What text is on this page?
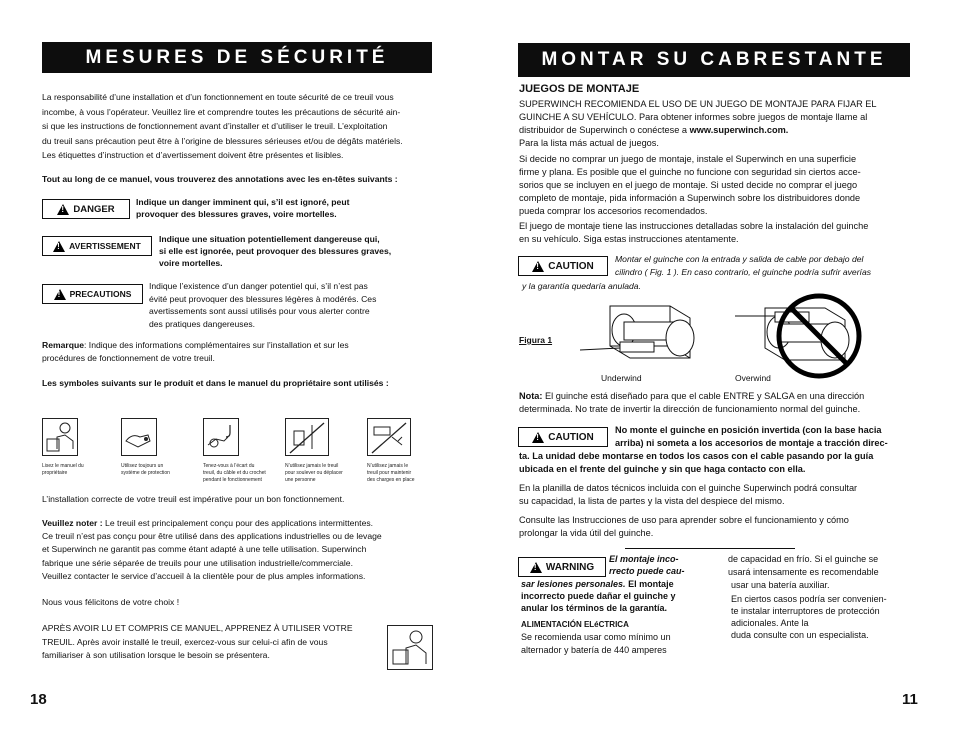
MESURES DE SÉCURITÉ
La responsabilité d’une installation et d’un fonctionnement en toute sécurité de ce treuil vous
incombe, à vous l’opérateur. Veuillez lire et comprendre toutes les précautions de sécurité ain-
si que les instructions de fonctionnement avant d’installer et d’utiliser le treuil. L’exploitation
du treuil sans précaution peut être à l’origine de blessures sérieuses et/ou de dégâts matériels.
Les étiquettes d’instruction et d’avertissement doivent être présentes et lisibles.
Tout au long de ce manuel, vous trouverez des annotations avec les en-têtes suivants :
!
DANGER
Indique un danger imminent qui, s’il est ignoré, peut
provoquer des blessures graves, voire mortelles.
!
AVERTISSEMENT
Indique une situation potentiellement dangereuse qui,
si elle est ignorée, peut provoquer des blessures graves,
voire mortelles.
!
PRECAUTIONS
Indique l’existence d’un danger potentiel qui, s’il n’est pas
évité peut provoquer des blessures légères à modérés. Ces
avertissements sont aussi utilisés pour vous alerter contre
des pratiques dangereuses.
Remarque: Indique des informations complémentaires sur l’installation et sur les
procédures de fonctionnement de votre treuil.
Les symboles suivants sur le produit et dans le manuel du propriétaire sont utilisés :
Lisez le manuel du
propriétaire
Utilisez toujours un
système de protection
Tenez-vous à l’écart du
treuil, du câble et du crochet
pendant le fonctionnement
N’utilisez jamais le treuil
pour soulever ou déplacer
une personne
N’utilisez jamais le
treuil pour maintenir
des charges en place
L’installation correcte de votre treuil est impérative pour un bon fonctionnement.
Veuillez noter : Le treuil est principalement conçu pour des applications intermittentes.
Ce treuil n’est pas conçu pour être utilisé dans des applications industrielles ou de levage
et Superwinch ne garantit pas comme étant adapté à une telle utilisation. Superwinch
fabrique une série séparée de treuils pour une utilisation industrielle/commerciale.
Veuillez contacter le service d’accueil à la clientèle pour de plus amples informations.
Nous vous félicitons de votre choix !
APRÈS AVOIR LU ET COMPRIS CE MANUEL, APPRENEZ À UTILISER VOTRE
TREUIL. Après avoir installé le treuil, exercez-vous sur celui-ci afin de vous
familiariser à son utilisation lorsque le besoin se présentera.
18
MONTAR SU CABRESTANTE
JUEGOS DE MONTAJE
SUPERWINCH RECOMIENDA EL USO DE UN JUEGO DE MONTAJE PARA FIJAR EL
GUINCHE A SU VEHÍCULO. Para obtener informes sobre juegos de montaje llame al
distribuidor de Superwinch o conéctese a www.superwinch.com.
Para la lista más actual de juegos.
Si decide no comprar un juego de montaje, instale el Superwinch en una superficie
firme y plana. Es posible que el guinche no funcione con seguridad sin ciertos acce-
sorios que se incluyen en el juego de montaje. Si usted decide no comprar el juego
completo de montaje, pida información a Superwinch sobre los distribuidores donde
pueda comprar los accesorios recomendados.
El juego de montaje tiene las instrucciones detalladas sobre la instalación del guinche
en su vehículo. Siga estas instrucciones atentamente.
!
CAUTION
Montar el guinche con la entrada y salida de cable por debajo del
cilindro ( Fig. 1 ). En caso contrario, el guinche podría sufrir averías
y la garantía quedaría anulada.
Figura 1
Underwind	Overwind
Nota: El guinche está diseñado para que el cable ENTRE y SALGA en una dirección
determinada. No trate de invertir la dirección de funcionamiento normal del guinche.
!
CAUTION
No monte el guinche en posición invertida (con la base hacia
arriba) ni someta a los accesorios de montaje a tracción direc-
ta. La unidad debe montarse en todos los casos con el cable pasando por la guía
ubicada en el frente del guinche y sin que haga contacto con ella.
En la planilla de datos técnicos incluida con el guinche Superwinch podrá consultar
su capacidad, la lista de partes y la vista del despiece del mismo.
Consulte las Instrucciones de uso para aprender sobre el funcionamiento y cómo
prolongar la vida útil del guinche.
!
WARNING
El montaje inco-
rrecto puede cau-
sar lesiones personales. El montaje
incorrecto puede dañar el guinche y
anular los términos de la garantía.
ALIMENTACIÓN ELéCTRICA
Se recomienda usar como mínimo un
alternador y batería de 440 amperes
de capacidad en frío. Si el guinche se
usará intensamente es recomendable
usar una batería auxiliar.
En ciertos casos podría ser convenien-
te instalar interruptores de protección
adicionales. Ante la
duda consulte con un especialista.
11
